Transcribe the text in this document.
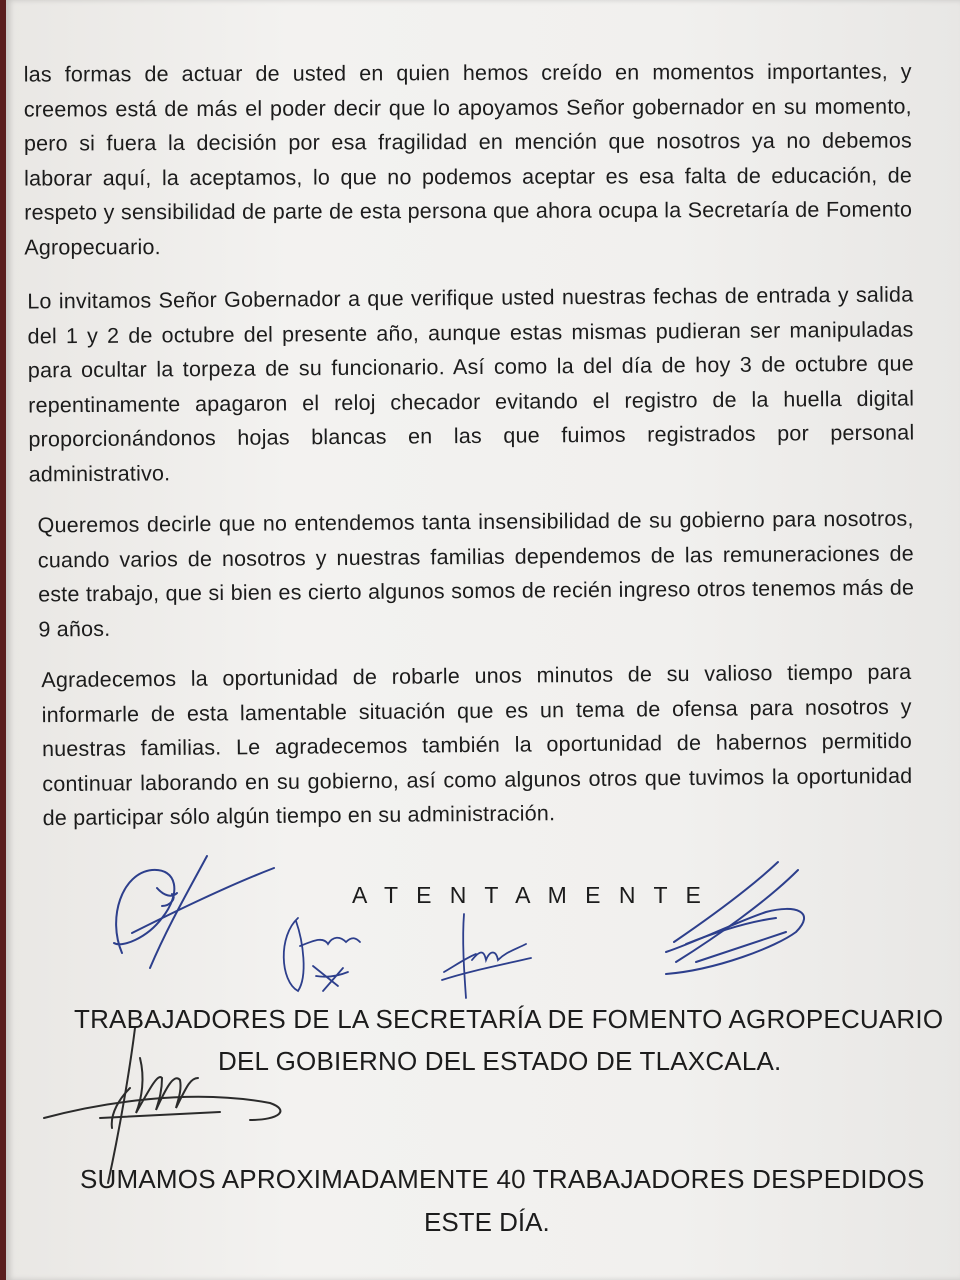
las formas de actuar de usted en quien hemos creído en momentos importantes, y creemos está de más el poder decir que lo apoyamos Señor gobernador en su momento, pero si fuera la decisión por esa fragilidad en mención que nosotros ya no debemos laborar aquí, la aceptamos, lo que no podemos aceptar es esa falta de educación, de respeto y sensibilidad de parte de esta persona que ahora ocupa la Secretaría de Fomento Agropecuario.

Lo invitamos Señor Gobernador a que verifique usted nuestras fechas de entrada y salida del 1 y 2 de octubre del presente año, aunque estas mismas pudieran ser manipuladas para ocultar la torpeza de su funcionario. Así como la del día de hoy 3 de octubre que repentinamente apagaron el reloj checador evitando el registro de la huella digital proporcionándonos hojas blancas en las que fuimos registrados por personal administrativo.

Queremos decirle que no entendemos tanta insensibilidad de su gobierno para nosotros, cuando varios de nosotros y nuestras familias dependemos de las remuneraciones de este trabajo, que si bien es cierto algunos somos de recién ingreso otros tenemos más de 9 años.

Agradecemos la oportunidad de robarle unos minutos de su valioso tiempo para informarle de esta lamentable situación que es un tema de ofensa para nosotros y nuestras familias. Le agradecemos también la oportunidad de habernos permitido continuar laborando en su gobierno, así como algunos otros que tuvimos la oportunidad de participar sólo algún tiempo en su administración.

A T E N T A M E N T E
TRABAJADORES DE LA SECRETARÍA DE FOMENTO AGROPECUARIO
DEL GOBIERNO DEL ESTADO DE TLAXCALA.
SUMAMOS APROXIMADAMENTE 40 TRABAJADORES DESPEDIDOS
ESTE DÍA.
